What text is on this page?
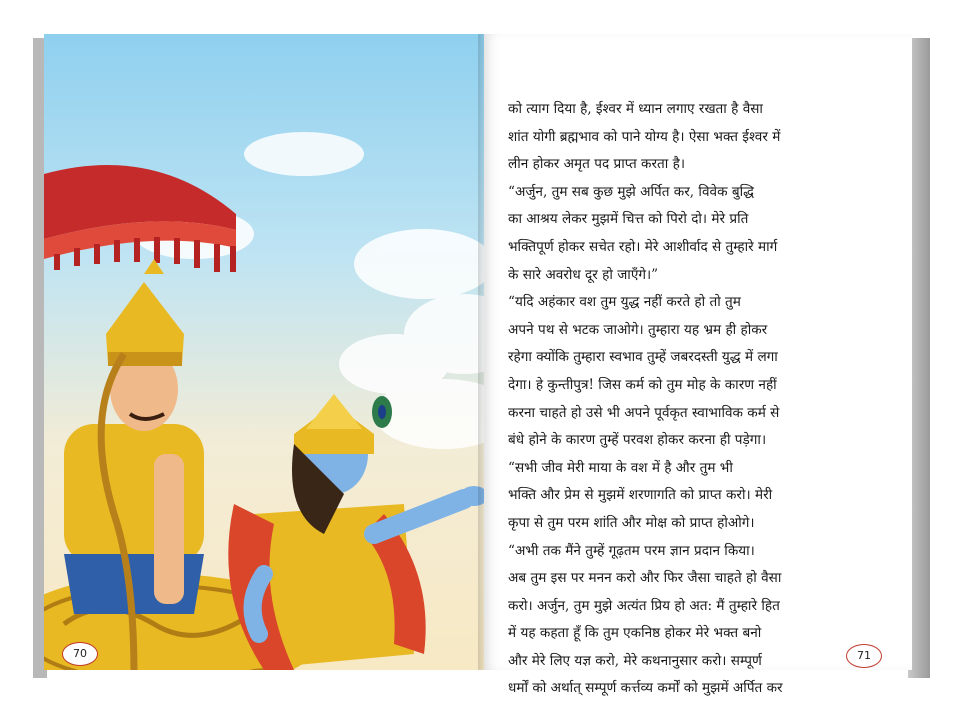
70
को त्याग दिया है, ईश्वर में ध्यान लगाए रखता है वैसा
शांत योगी ब्रह्मभाव को पाने योग्य है। ऐसा भक्त ईश्वर में
लीन होकर अमृत पद प्राप्त करता है।
“अर्जुन, तुम सब कुछ मुझे अर्पित कर, विवेक बुद्धि
का आश्रय लेकर मुझमें चित्त को पिरो दो। मेरे प्रति
भक्तिपूर्ण होकर सचेत रहो। मेरे आशीर्वाद से तुम्हारे मार्ग
के सारे अवरोध दूर हो जाएँगे।”
“यदि अहंकार वश तुम युद्ध नहीं करते हो तो तुम
अपने पथ से भटक जाओगे। तुम्हारा यह भ्रम ही होकर
रहेगा क्योंकि तुम्हारा स्वभाव तुम्हें जबरदस्ती युद्ध में लगा
देगा। हे कुन्तीपुत्र! जिस कर्म को तुम मोह के कारण नहीं
करना चाहते हो उसे भी अपने पूर्वकृत स्वाभाविक कर्म से
बंधे होने के कारण तुम्हें परवश होकर करना ही पड़ेगा।
“सभी जीव मेरी माया के वश में है और तुम भी
भक्ति और प्रेम से मुझमें शरणागति को प्राप्त करो। मेरी
कृपा से तुम परम शांति और मोक्ष को प्राप्त होओगे।
“अभी तक मैंने तुम्हें गूढ़तम परम ज्ञान प्रदान किया।
अब तुम इस पर मनन करो और फिर जैसा चाहते हो वैसा
करो। अर्जुन, तुम मुझे अत्यंत प्रिय हो अत: मैं तुम्हारे हित
में यह कहता हूँ कि तुम एकनिष्ठ होकर मेरे भक्त बनो
और मेरे लिए यज्ञ करो, मेरे कथनानुसार करो। सम्पूर्ण
धर्मों को अर्थात् सम्पूर्ण कर्त्तव्य कर्मों को मुझमें अर्पित कर
71
